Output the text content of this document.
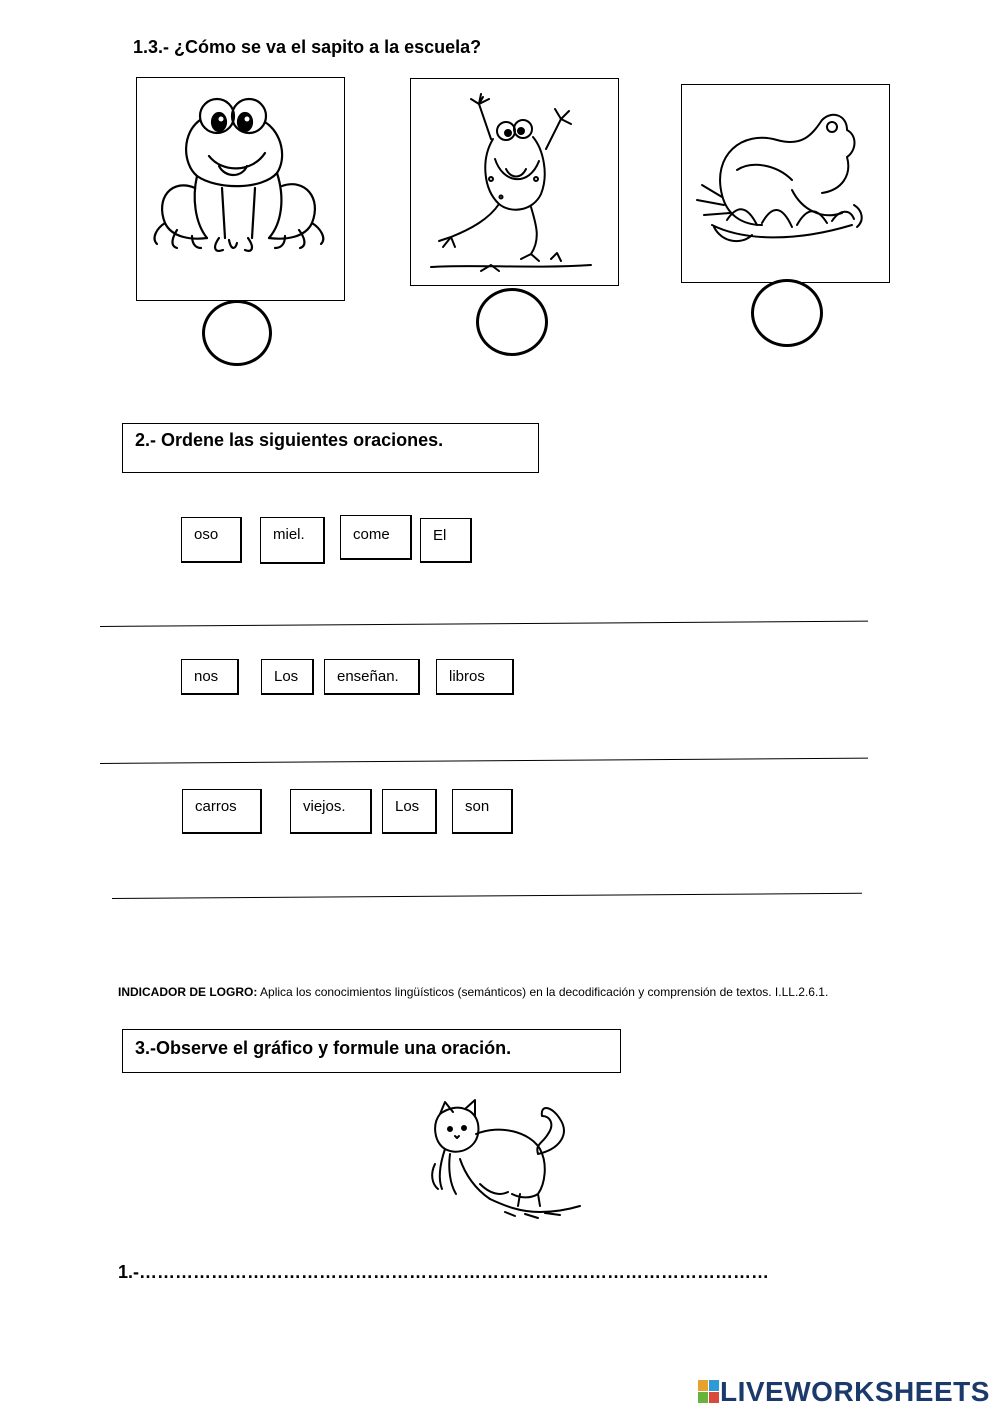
1.3.- ¿Cómo se va el sapito a la escuela?
2.- Ordene las siguientes oraciones.
oso	miel.	come	El
nos	Los	enseñan.	libros
carros	viejos.	Los	son
INDICADOR DE LOGRO: Aplica los conocimientos lingüísticos (semánticos) en la decodificación y comprensión de textos. I.LL.2.6.1.
3.-Observe el gráfico y formule una oración.
1.-……………………………………………………………………………………………
LIVEWORKSHEETS
